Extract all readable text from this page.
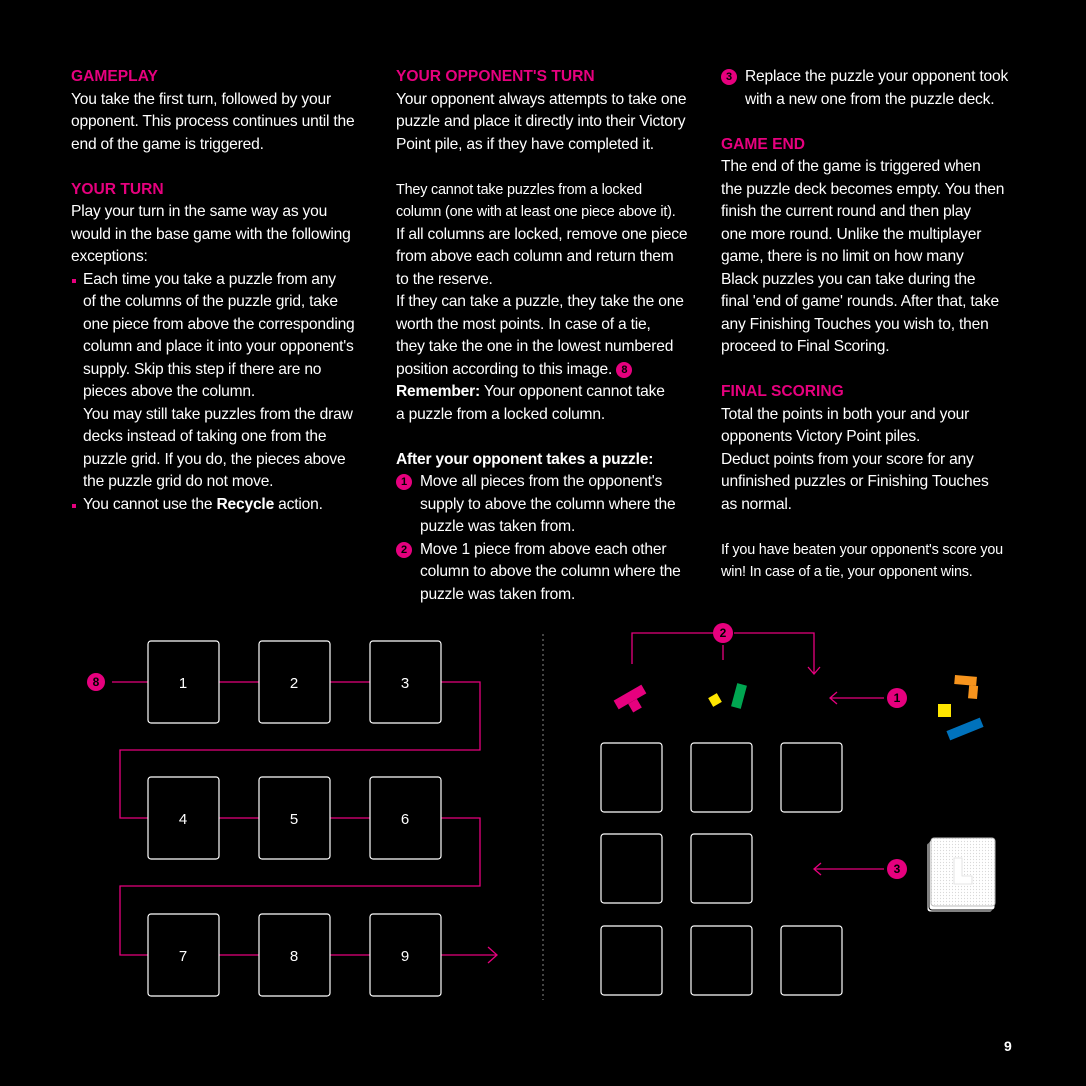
GAMEPLAY

You take the first turn, followed by your

opponent. This process continues until the

end of the game is triggered.

YOUR TURN

Play your turn in the same way as you

would in the base game with the following

exceptions:

Each time you take a puzzle from any

of the columns of the puzzle grid, take

one piece from above the corresponding

column and place it into your opponent's

supply. Skip this step if there are no

pieces above the column.

You may still take puzzles from the draw

decks instead of taking one from the

puzzle grid. If you do, the pieces above

the puzzle grid do not move.

You cannot use the Recycle action.

YOUR OPPONENT'S TURN

Your opponent always attempts to take one

puzzle and place it directly into their Victory

Point pile, as if they have completed it.

They cannot take puzzles from a locked

column (one with at least one piece above it).

If all columns are locked, remove one piece

from above each column and return them

to the reserve.

If they can take a puzzle, they take the one

worth the most points. In case of a tie,

they take the one in the lowest numbered

position according to this image. 8

Remember: Your opponent cannot take

a puzzle from a locked column.

After your opponent takes a puzzle:

1 Move all pieces from the opponent's

supply to above the column where the

puzzle was taken from.

2 Move 1 piece from above each other

column to above the column where the

puzzle was taken from.

3 Replace the puzzle your opponent took

with a new one from the puzzle deck.

GAME END

The end of the game is triggered when

the puzzle deck becomes empty. You then

finish the current round and then play

one more round. Unlike the multiplayer

game, there is no limit on how many

Black puzzles you can take during the

final 'end of game' rounds. After that, take

any Finishing Touches you wish to, then

proceed to Final Scoring.

FINAL SCORING

Total the points in both your and your

opponents Victory Point piles.

Deduct points from your score for any

unfinished puzzles or Finishing Touches

as normal.

If you have beaten your opponent's score you

win! In case of a tie, your opponent wins.

8	1	2	3
4	5	6
7	8	9
2
1
3
9
